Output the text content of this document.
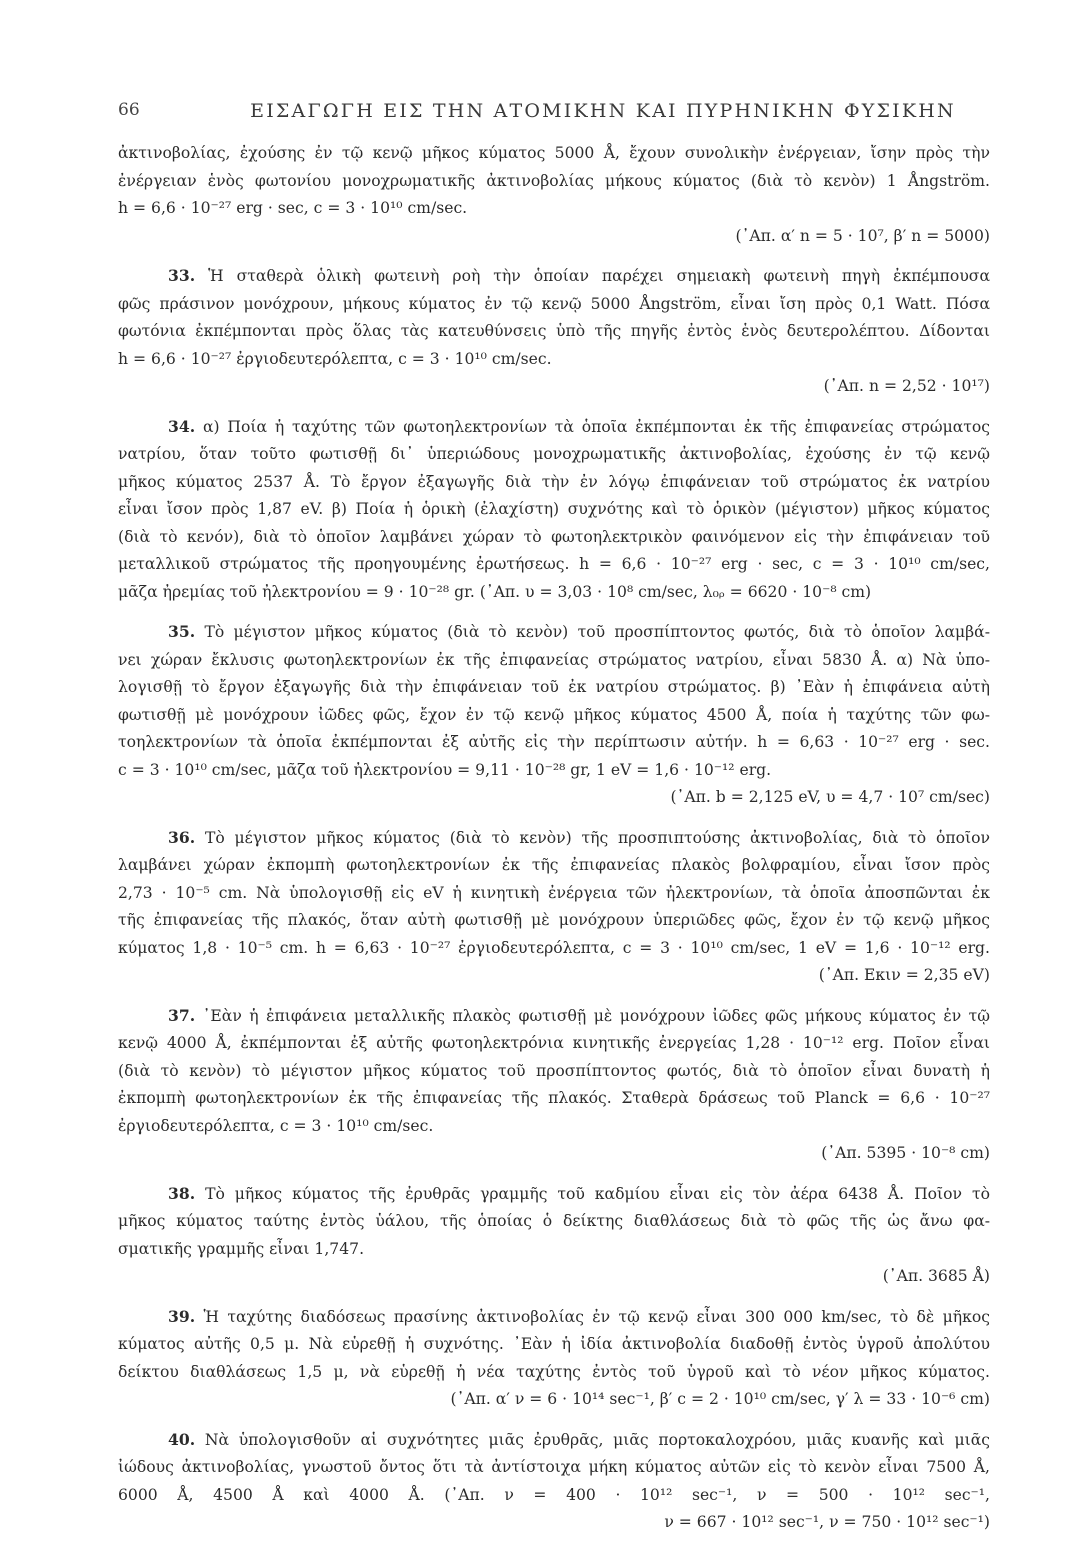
66	ΕΙΣΑΓΩΓΗ ΕΙΣ ΤΗΝ ΑΤΟΜΙΚΗΝ ΚΑΙ ΠΥΡΗΝΙΚΗΝ ΦΥΣΙΚΗΝ
ἀκτινοβολίας, ἐχούσης ἐν τῷ κενῷ μῆκος κύματος 5000 Å, ἔχουν συνολικὴν ἐνέργειαν, ἴσην πρὸς τὴν
ἐνέργειαν ἑνὸς φωτονίου μονοχρωματικῆς ἀκτινοβολίας μήκους κύματος (διὰ τὸ κενὸν) 1 Ångström.
h = 6,6 · 10⁻²⁷ erg · sec, c = 3 · 10¹⁰ cm/sec.
(᾿Απ. α′ n = 5 · 10⁷, β′ n = 5000)
33. Ἡ σταθερὰ ὁλικὴ φωτεινὴ ροὴ τὴν ὁποίαν παρέχει σημειακὴ φωτεινὴ πηγὴ ἐκπέμπουσα
φῶς πράσινον μονόχρουν, μήκους κύματος ἐν τῷ κενῷ 5000 Ångström, εἶναι ἴση πρὸς 0,1 Watt. Πόσα
φωτόνια ἐκπέμπονται πρὸς ὅλας τὰς κατευθύνσεις ὑπὸ τῆς πηγῆς ἐντὸς ἑνὸς δευτερολέπτου. Δίδονται
h = 6,6 · 10⁻²⁷ ἐργιοδευτερόλεπτα, c = 3 · 10¹⁰ cm/sec.
(᾿Απ. n = 2,52 · 10¹⁷)
34. α) Ποία ἡ ταχύτης τῶν φωτοηλεκτρονίων τὰ ὁποῖα ἐκπέμπονται ἐκ τῆς ἐπιφανείας στρώματος
νατρίου, ὅταν τοῦτο φωτισθῇ δι᾿ ὑπεριώδους μονοχρωματικῆς ἀκτινοβολίας, ἐχούσης ἐν τῷ κενῷ
μῆκος κύματος 2537 Å. Τὸ ἔργον ἐξαγωγῆς διὰ τὴν ἐν λόγῳ ἐπιφάνειαν τοῦ στρώματος ἐκ νατρίου
εἶναι ἴσον πρὸς 1,87 eV. β) Ποία ἡ ὁρικὴ (ἐλαχίστη) συχνότης καὶ τὸ ὁρικὸν (μέγιστον) μῆκος κύματος
(διὰ τὸ κενόν), διὰ τὸ ὁποῖον λαμβάνει χώραν τὸ φωτοηλεκτρικὸν φαινόμενον εἰς τὴν ἐπιφάνειαν τοῦ
μεταλλικοῦ στρώματος τῆς προηγουμένης ἐρωτήσεως. h = 6,6 · 10⁻²⁷ erg · sec, c = 3 · 10¹⁰ cm/sec,
μᾶζα ἠρεμίας τοῦ ἠλεκτρονίου = 9 · 10⁻²⁸ gr. (᾿Απ. υ = 3,03 · 10⁸ cm/sec, λ₀ᵨ = 6620 · 10⁻⁸ cm)
35. Τὸ μέγιστον μῆκος κύματος (διὰ τὸ κενὸν) τοῦ προσπίπτοντος φωτός, διὰ τὸ ὁποῖον λαμβά-
νει χώραν ἔκλυσις φωτοηλεκτρονίων ἐκ τῆς ἐπιφανείας στρώματος νατρίου, εἶναι 5830 Å. α) Νὰ ὑπο-
λογισθῇ τὸ ἔργον ἐξαγωγῆς διὰ τὴν ἐπιφάνειαν τοῦ ἐκ νατρίου στρώματος. β) ᾿Εὰν ἡ ἐπιφάνεια αὐτὴ
φωτισθῇ μὲ μονόχρουν ἰῶδες φῶς, ἔχον ἐν τῷ κενῷ μῆκος κύματος 4500 Å, ποία ἡ ταχύτης τῶν φω-
τοηλεκτρονίων τὰ ὁποῖα ἐκπέμπονται ἐξ αὐτῆς εἰς τὴν περίπτωσιν αὐτήν. h = 6,63 · 10⁻²⁷ erg · sec.
c = 3 · 10¹⁰ cm/sec, μᾶζα τοῦ ἠλεκτρονίου = 9,11 · 10⁻²⁸ gr, 1 eV = 1,6 · 10⁻¹² erg.
(᾿Απ. b = 2,125 eV, υ = 4,7 · 10⁷ cm/sec)
36. Τὸ μέγιστον μῆκος κύματος (διὰ τὸ κενὸν) τῆς προσπιπτούσης ἀκτινοβολίας, διὰ τὸ ὁποῖον
λαμβάνει χώραν ἐκπομπὴ φωτοηλεκτρονίων ἐκ τῆς ἐπιφανείας πλακὸς βολφραμίου, εἶναι ἴσον πρὸς
2,73 · 10⁻⁵ cm. Νὰ ὑπολογισθῇ εἰς eV ἡ κινητικὴ ἐνέργεια τῶν ἠλεκτρονίων, τὰ ὁποῖα ἀποσπῶνται ἐκ
τῆς ἐπιφανείας τῆς πλακός, ὅταν αὐτὴ φωτισθῇ μὲ μονόχρουν ὑπεριῶδες φῶς, ἔχον ἐν τῷ κενῷ μῆκος
κύματος 1,8 · 10⁻⁵ cm. h = 6,63 · 10⁻²⁷ ἐργιοδευτερόλεπτα, c = 3 · 10¹⁰ cm/sec, 1 eV = 1,6 · 10⁻¹² erg.
(᾿Απ. Eκιν = 2,35 eV)
37. ᾿Εὰν ἡ ἐπιφάνεια μεταλλικῆς πλακὸς φωτισθῇ μὲ μονόχρουν ἰῶδες φῶς μήκους κύματος ἐν τῷ
κενῷ 4000 Å, ἐκπέμπονται ἐξ αὐτῆς φωτοηλεκτρόνια κινητικῆς ἐνεργείας 1,28 · 10⁻¹² erg. Ποῖον εἶναι
(διὰ τὸ κενὸν) τὸ μέγιστον μῆκος κύματος τοῦ προσπίπτοντος φωτός, διὰ τὸ ὁποῖον εἶναι δυνατὴ ἡ
ἐκπομπὴ φωτοηλεκτρονίων ἐκ τῆς ἐπιφανείας τῆς πλακός. Σταθερὰ δράσεως τοῦ Planck = 6,6 · 10⁻²⁷
ἐργιοδευτερόλεπτα, c = 3 · 10¹⁰ cm/sec.
(᾿Απ. 5395 · 10⁻⁸ cm)
38. Τὸ μῆκος κύματος τῆς ἐρυθρᾶς γραμμῆς τοῦ καδμίου εἶναι εἰς τὸν ἀέρα 6438 Å. Ποῖον τὸ
μῆκος κύματος ταύτης ἐντὸς ὑάλου, τῆς ὁποίας ὁ δείκτης διαθλάσεως διὰ τὸ φῶς τῆς ὡς ἄνω φα-
σματικῆς γραμμῆς εἶναι 1,747.
(᾿Απ. 3685 Å)
39. Ἡ ταχύτης διαδόσεως πρασίνης ἀκτινοβολίας ἐν τῷ κενῷ εἶναι 300 000 km/sec, τὸ δὲ μῆκος
κύματος αὐτῆς 0,5 μ. Νὰ εὑρεθῇ ἡ συχνότης. ᾿Εὰν ἡ ἰδία ἀκτινοβολία διαδοθῇ ἐντὸς ὑγροῦ ἀπολύτου
δείκτου διαθλάσεως 1,5 μ, νὰ εὑρεθῇ ἡ νέα ταχύτης ἐντὸς τοῦ ὑγροῦ καὶ τὸ νέον μῆκος κύματος.
(᾿Απ. α′ ν = 6 · 10¹⁴ sec⁻¹, β′ c = 2 · 10¹⁰ cm/sec, γ′ λ = 33 · 10⁻⁶ cm)
40. Νὰ ὑπολογισθοῦν αἱ συχνότητες μιᾶς ἐρυθρᾶς, μιᾶς πορτοκαλοχρόου, μιᾶς κυανῆς καὶ μιᾶς
ἰώδους ἀκτινοβολίας, γνωστοῦ ὄντος ὅτι τὰ ἀντίστοιχα μήκη κύματος αὐτῶν εἰς τὸ κενὸν εἶναι 7500 Å,
6000 Å, 4500 Å καὶ 4000 Å. (᾿Απ. ν = 400 · 10¹² sec⁻¹, ν = 500 · 10¹² sec⁻¹,
ν = 667 · 10¹² sec⁻¹, ν = 750 · 10¹² sec⁻¹)
